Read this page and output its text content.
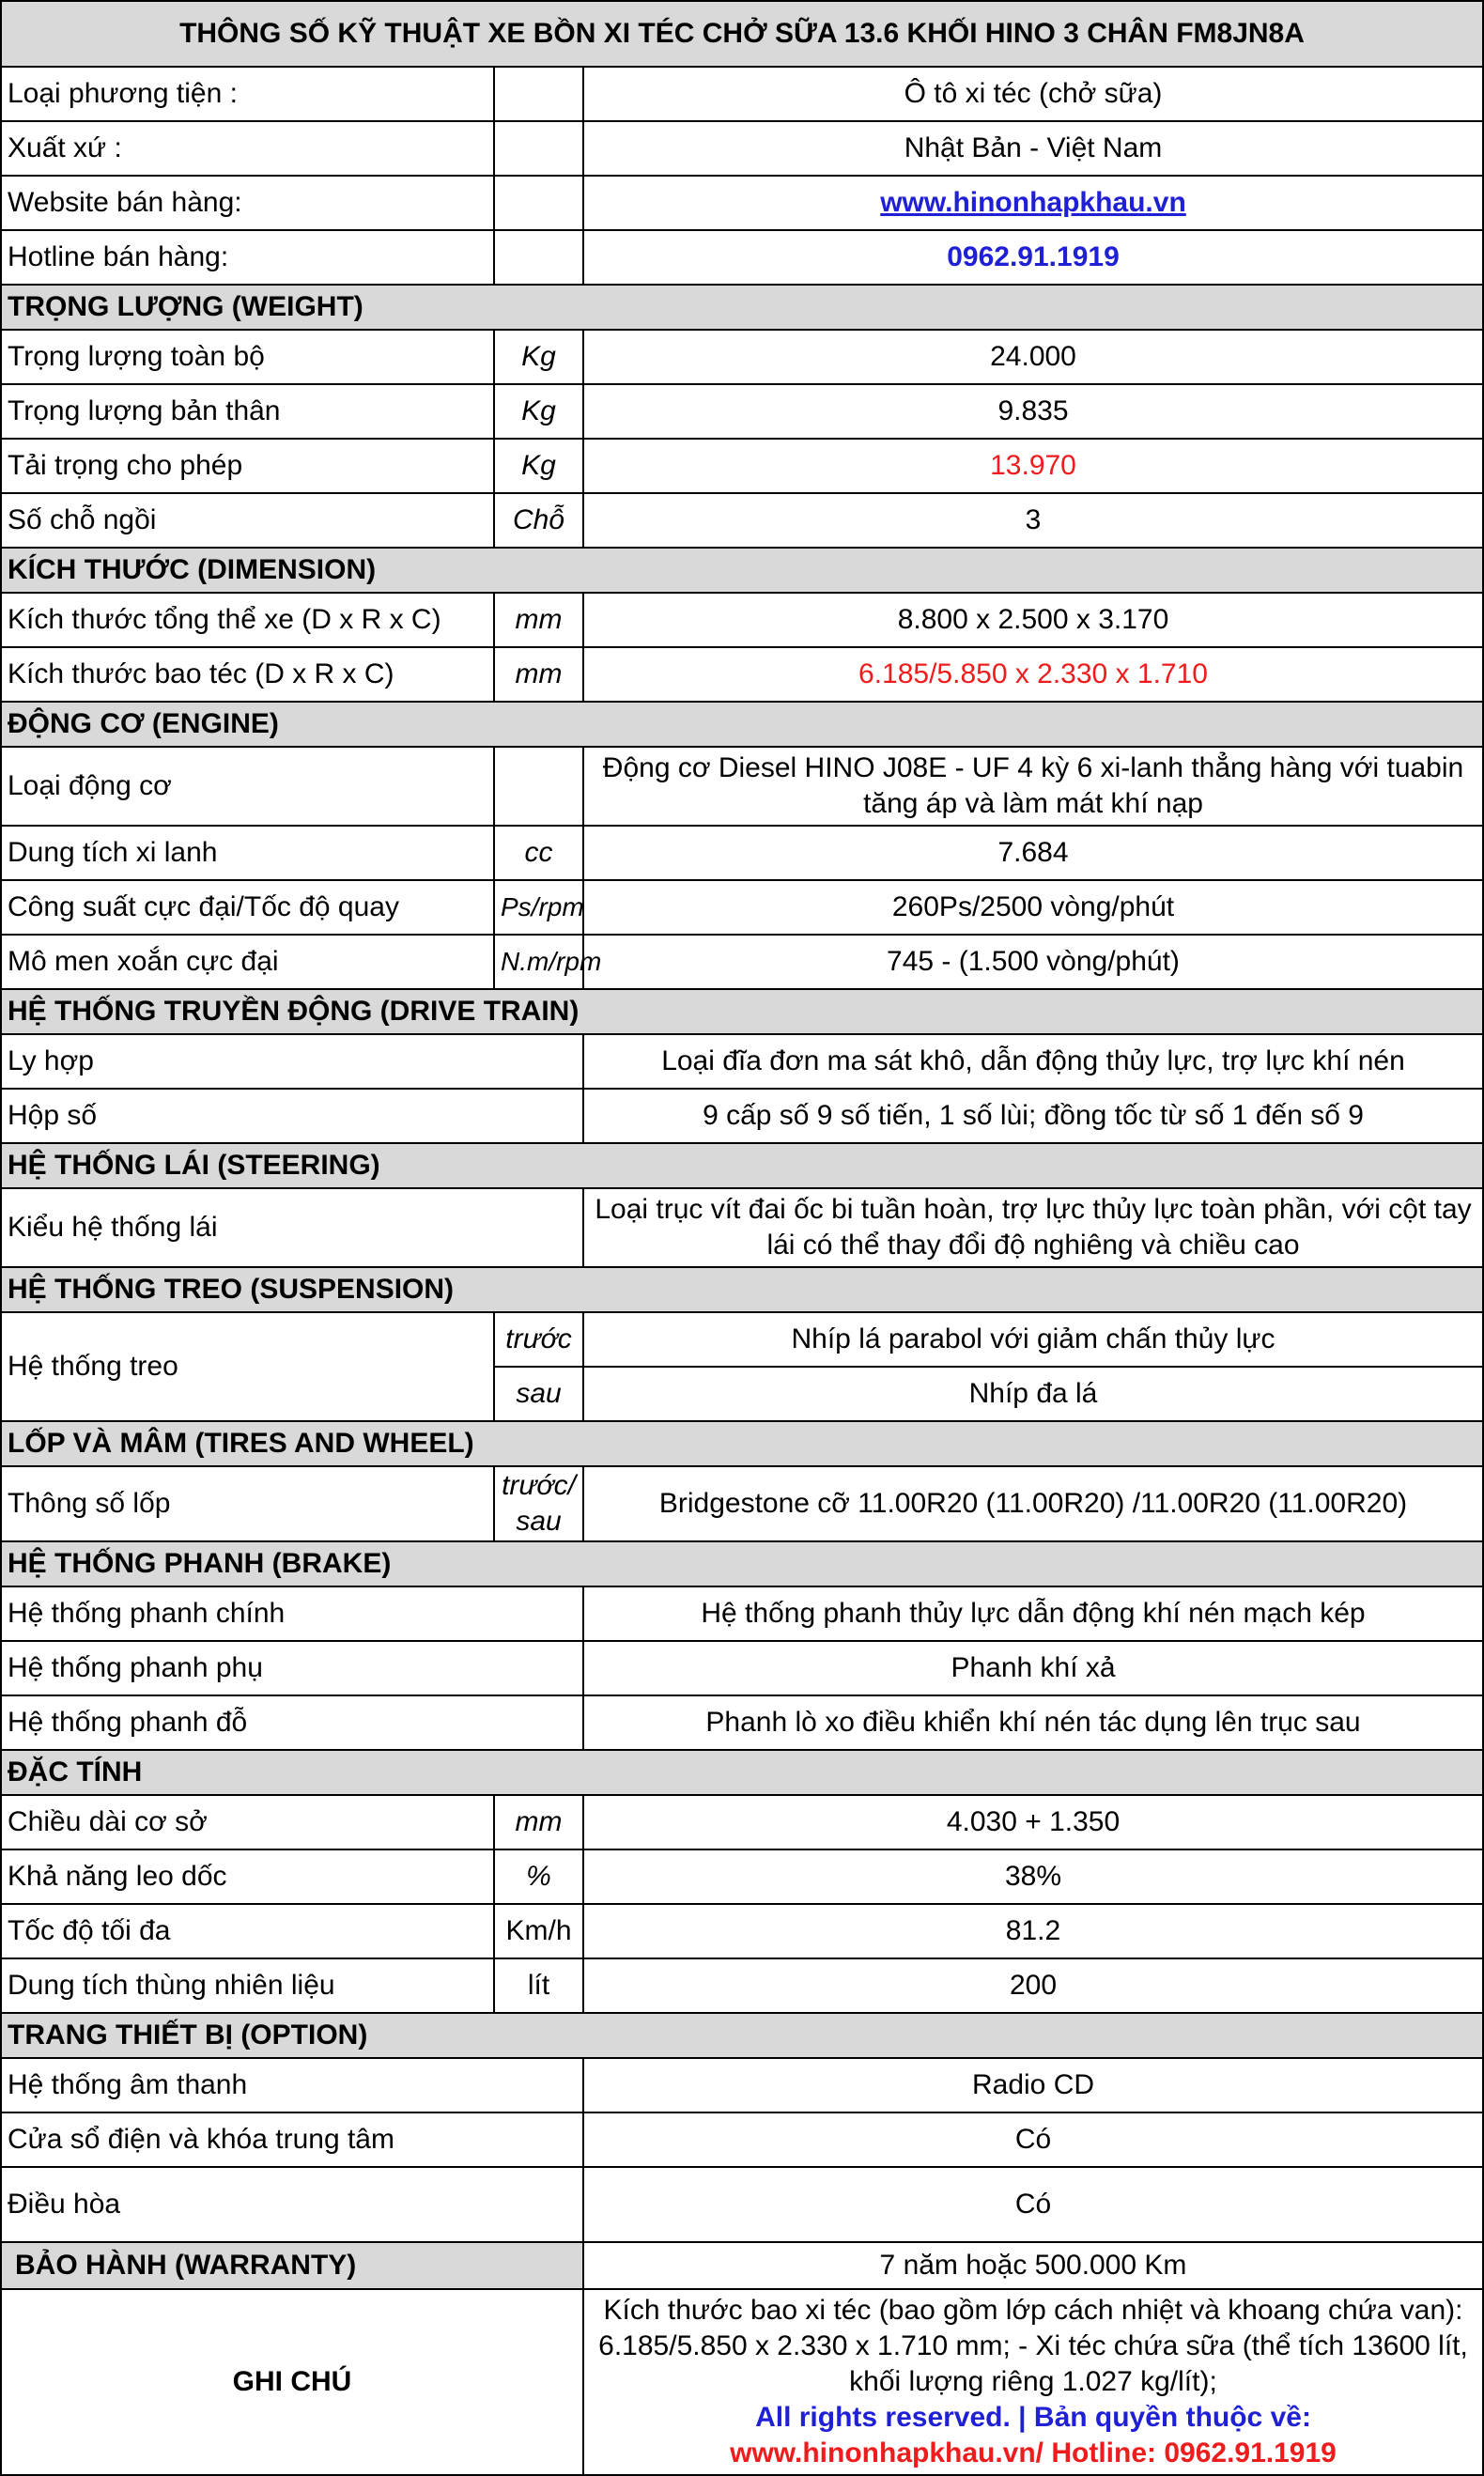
THÔNG SỐ KỸ THUẬT XE BỒN XI TÉC CHỞ SỮA 13.6 KHỐI HINO 3 CHÂN FM8JN8A		
Loại phương tiện :		Ô tô xi téc (chở sữa)
Xuất xứ :		Nhật Bản - Việt Nam
Website bán hàng:		www.hinonhapkhau.vn
Hotline bán hàng:		0962.91.1919
TRỌNG LƯỢNG (WEIGHT)		
Trọng lượng toàn bộ	Kg	24.000
Trọng lượng bản thân	Kg	9.835
Tải trọng cho phép	Kg	13.970
Số chỗ ngồi	Chỗ	3
KÍCH THƯỚC (DIMENSION)		
Kích thước tổng thể xe (D x R x C)	mm	8.800 x 2.500 x 3.170
Kích thước bao téc (D x R x C)	mm	6.185/5.850 x 2.330 x 1.710
ĐỘNG CƠ (ENGINE)		
Loại động cơ		Động cơ Diesel HINO J08E - UF 4 kỳ 6 xi-lanh thẳng hàng với tuabin tăng áp và làm mát khí nạp
Dung tích xi lanh	cc	7.684
Công suất cực đại/Tốc độ quay	Ps/rpm	260Ps/2500 vòng/phút
Mô men xoắn cực đại	N.m/rpm	745 - (1.500 vòng/phút)
HỆ THỐNG TRUYỀN ĐỘNG (DRIVE TRAIN)		
Ly hợp		Loại đĩa đơn ma sát khô, dẫn động thủy lực, trợ lực khí nén
Hộp số		9 cấp số 9 số tiến, 1 số lùi; đồng tốc từ số 1 đến số 9
HỆ THỐNG LÁI (STEERING)		
Kiểu hệ thống lái		Loại trục vít đai ốc bi tuần hoàn, trợ lực thủy lực toàn phần, với cột tay lái có thể thay đổi độ nghiêng và chiều cao
HỆ THỐNG TREO (SUSPENSION)		
Hệ thống treo	trước	Nhíp lá parabol với giảm chấn thủy lực
	sau	Nhíp đa lá
LỐP VÀ MÂM (TIRES AND WHEEL)		
Thông số lốp	trước/sau	Bridgestone cỡ 11.00R20 (11.00R20) /11.00R20 (11.00R20)
HỆ THỐNG PHANH (BRAKE)		
Hệ thống phanh chính		Hệ thống phanh thủy lực dẫn động khí nén mạch kép
Hệ thống phanh phụ		Phanh khí xả
Hệ thống phanh đỗ		Phanh lò xo điều khiển khí nén tác dụng lên trục sau
ĐẶC TÍNH		
Chiều dài cơ sở	mm	4.030 + 1.350
Khả năng leo dốc	%	38%
Tốc độ tối đa	Km/h	81.2
Dung tích thùng nhiên liệu	lít	200
TRANG THIẾT BỊ (OPTION)		
Hệ thống âm thanh		Radio CD
Cửa sổ điện và khóa trung tâm		Có
Điều hòa		Có
BẢO HÀNH (WARRANTY)		7 năm hoặc 500.000 Km
GHI CHÚ		Kích thước bao xi téc (bao gồm lớp cách nhiệt và khoang chứa van): 6.185/5.850 x 2.330 x 1.710 mm; - Xi téc chứa sữa (thể tích 13600 lít, khối lượng riêng 1.027 kg/lít);
All rights reserved. | Bản quyền thuộc về:
www.hinonhapkhau.vn/ Hotline: 0962.91.1919
